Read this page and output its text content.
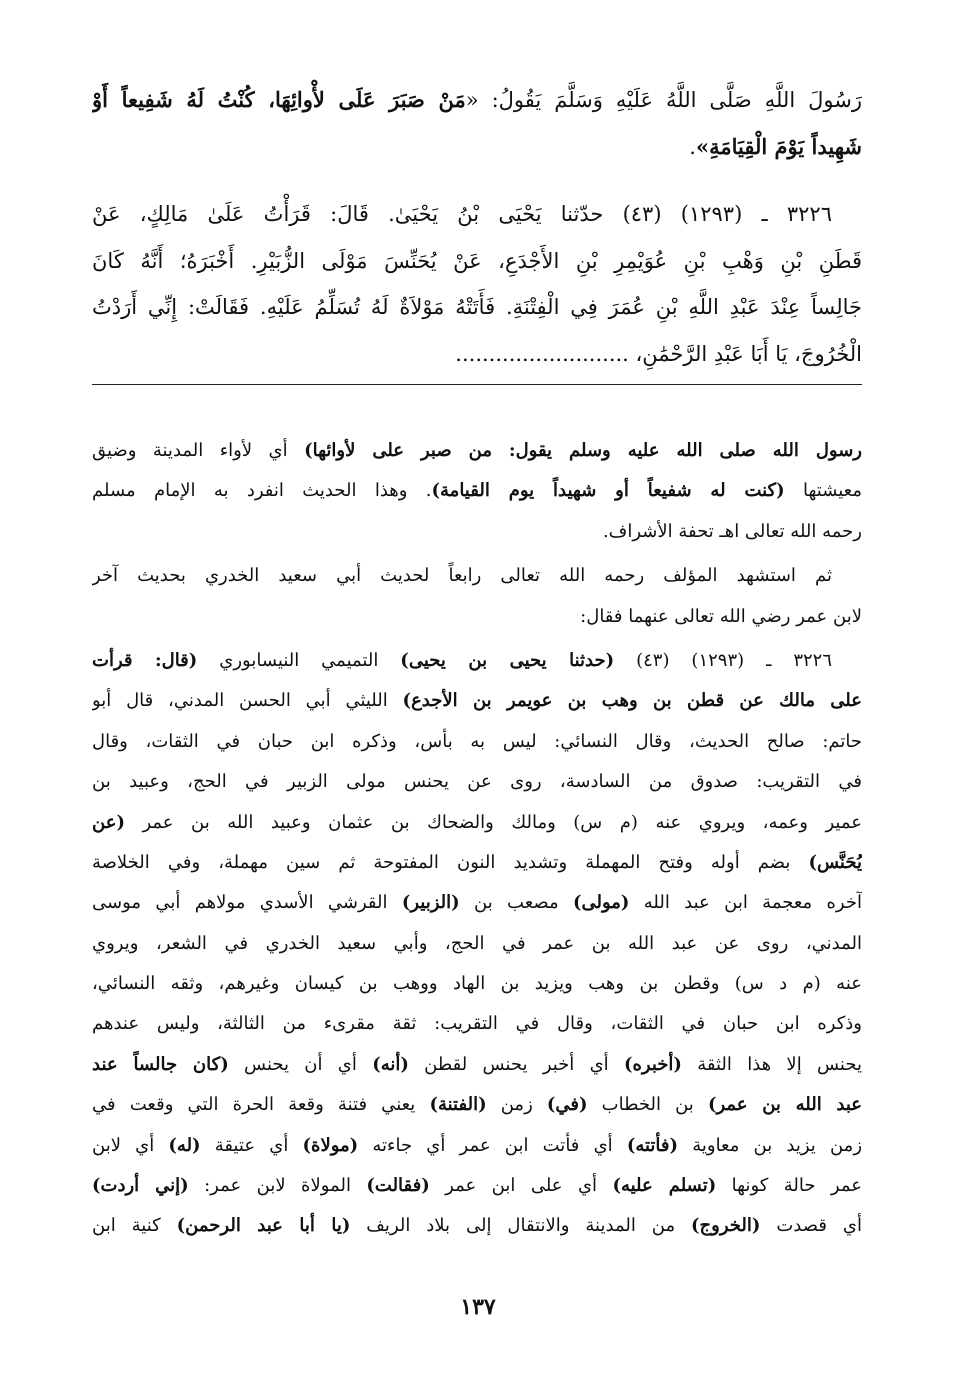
رَسُولَ اللَّهِ صَلَّى اللَّهُ عَلَيْهِ وَسَلَّمَ يَقُولُ: «مَنْ صَبَرَ عَلَى لأْوائِهَا، كُنْتُ لَهُ شَفِيعاً أَوْ
شَهِيداً يَوْمَ الْقِيَامَةِ».
٣٢٢٦ ـ (١٢٩٣) (٤٣) حدّثنا يَحْيَى بْنُ يَحْيَىٰ. قَالَ: قَرَأْتُ عَلَىٰ مَالِكٍ، عَنْ
قَطَنِ بْنِ وَهْبِ بْنِ عُوَيْمِرِ بْنِ الأَجْدَعِ، عَنْ يُحَنِّسَ مَوْلَى الزُّبَيْرِ. أَخْبَرَهُ؛ أَنَّهُ كَانَ
جَالِساً عِنْدَ عَبْدِ اللَّهِ بْنِ عُمَرَ فِي الْفِتْنَةِ. فَأَتَتْهُ مَوْلاَةٌ لَهُ تُسَلِّمُ عَلَيْهِ. فَقَالَتْ: إِنِّي أَرَدْتُ
الْخُرُوجَ، يَا أَبَا عَبْدِ الرَّحْمَٰنِ، ..........................
رسول الله صلى الله عليه وسلم يقول: من صبر على لأوائها) أي لأواء المدينة وضيق
معيشتها (كنت له شفيعاً أو شهيداً يوم القيامة). وهذا الحديث انفرد به الإمام مسلم
رحمه الله تعالى اهـ تحفة الأشراف.
ثم استشهد المؤلف رحمه الله تعالى رابعاً لحديث أبي سعيد الخدري بحديث آخر
لابن عمر رضي الله تعالى عنهما فقال:
٣٢٢٦ ـ (١٢٩٣) (٤٣) (حدثنا يحيى بن يحيى) التميمي النيسابوري (قال: قرأت
على مالك عن قطن بن وهب بن عويمر بن الأجدع) الليثي أبي الحسن المدني، قال أبو
حاتم: صالح الحديث، وقال النسائي: ليس به بأس، وذكره ابن حبان في الثقات، وقال
في التقريب: صدوق من السادسة، روى عن يحنس مولى الزبير في الحج، وعبيد بن
عمير وعمه، ويروي عنه (م س) ومالك والضحاك بن عثمان وعبيد الله بن عمر (عن
يُحَنَّس) بضم أوله وفتح المهملة وتشديد النون المفتوحة ثم سين مهملة، وفي الخلاصة
آخره معجمة ابن عبد الله (مولى) مصعب بن (الزبير) القرشي الأسدي مولاهم أبي موسى
المدني، روى عن عبد الله بن عمر في الحج، وأبي سعيد الخدري في الشعر، ويروي
عنه (م د س) وقطن بن وهب ويزيد بن الهاد ووهب بن كيسان وغيرهم، وثقه النسائي،
وذكره ابن حبان في الثقات، وقال في التقريب: ثقة مقرىء من الثالثة، وليس عندهم
يحنس إلا هذا الثقة (أخبره) أي أخبر يحنس لقطن (أنه) أي أن يحنس (كان جالساً عند
عبد الله بن عمر) بن الخطاب (في) زمن (الفتنة) يعني فتنة وقعة الحرة التي وقعت في
زمن يزيد بن معاوية (فأتته) أي فأتت ابن عمر أي جاءته (مولاة) أي عتيقة (له) أي لابن
عمر حالة كونها (تسلم عليه) أي على ابن عمر (فقالت) المولاة لابن عمر: (إني أردت)
أي قصدت (الخروج) من المدينة والانتقال إلى بلاد الريف (يا أبا عبد الرحمن) كنية ابن
١٣٧
